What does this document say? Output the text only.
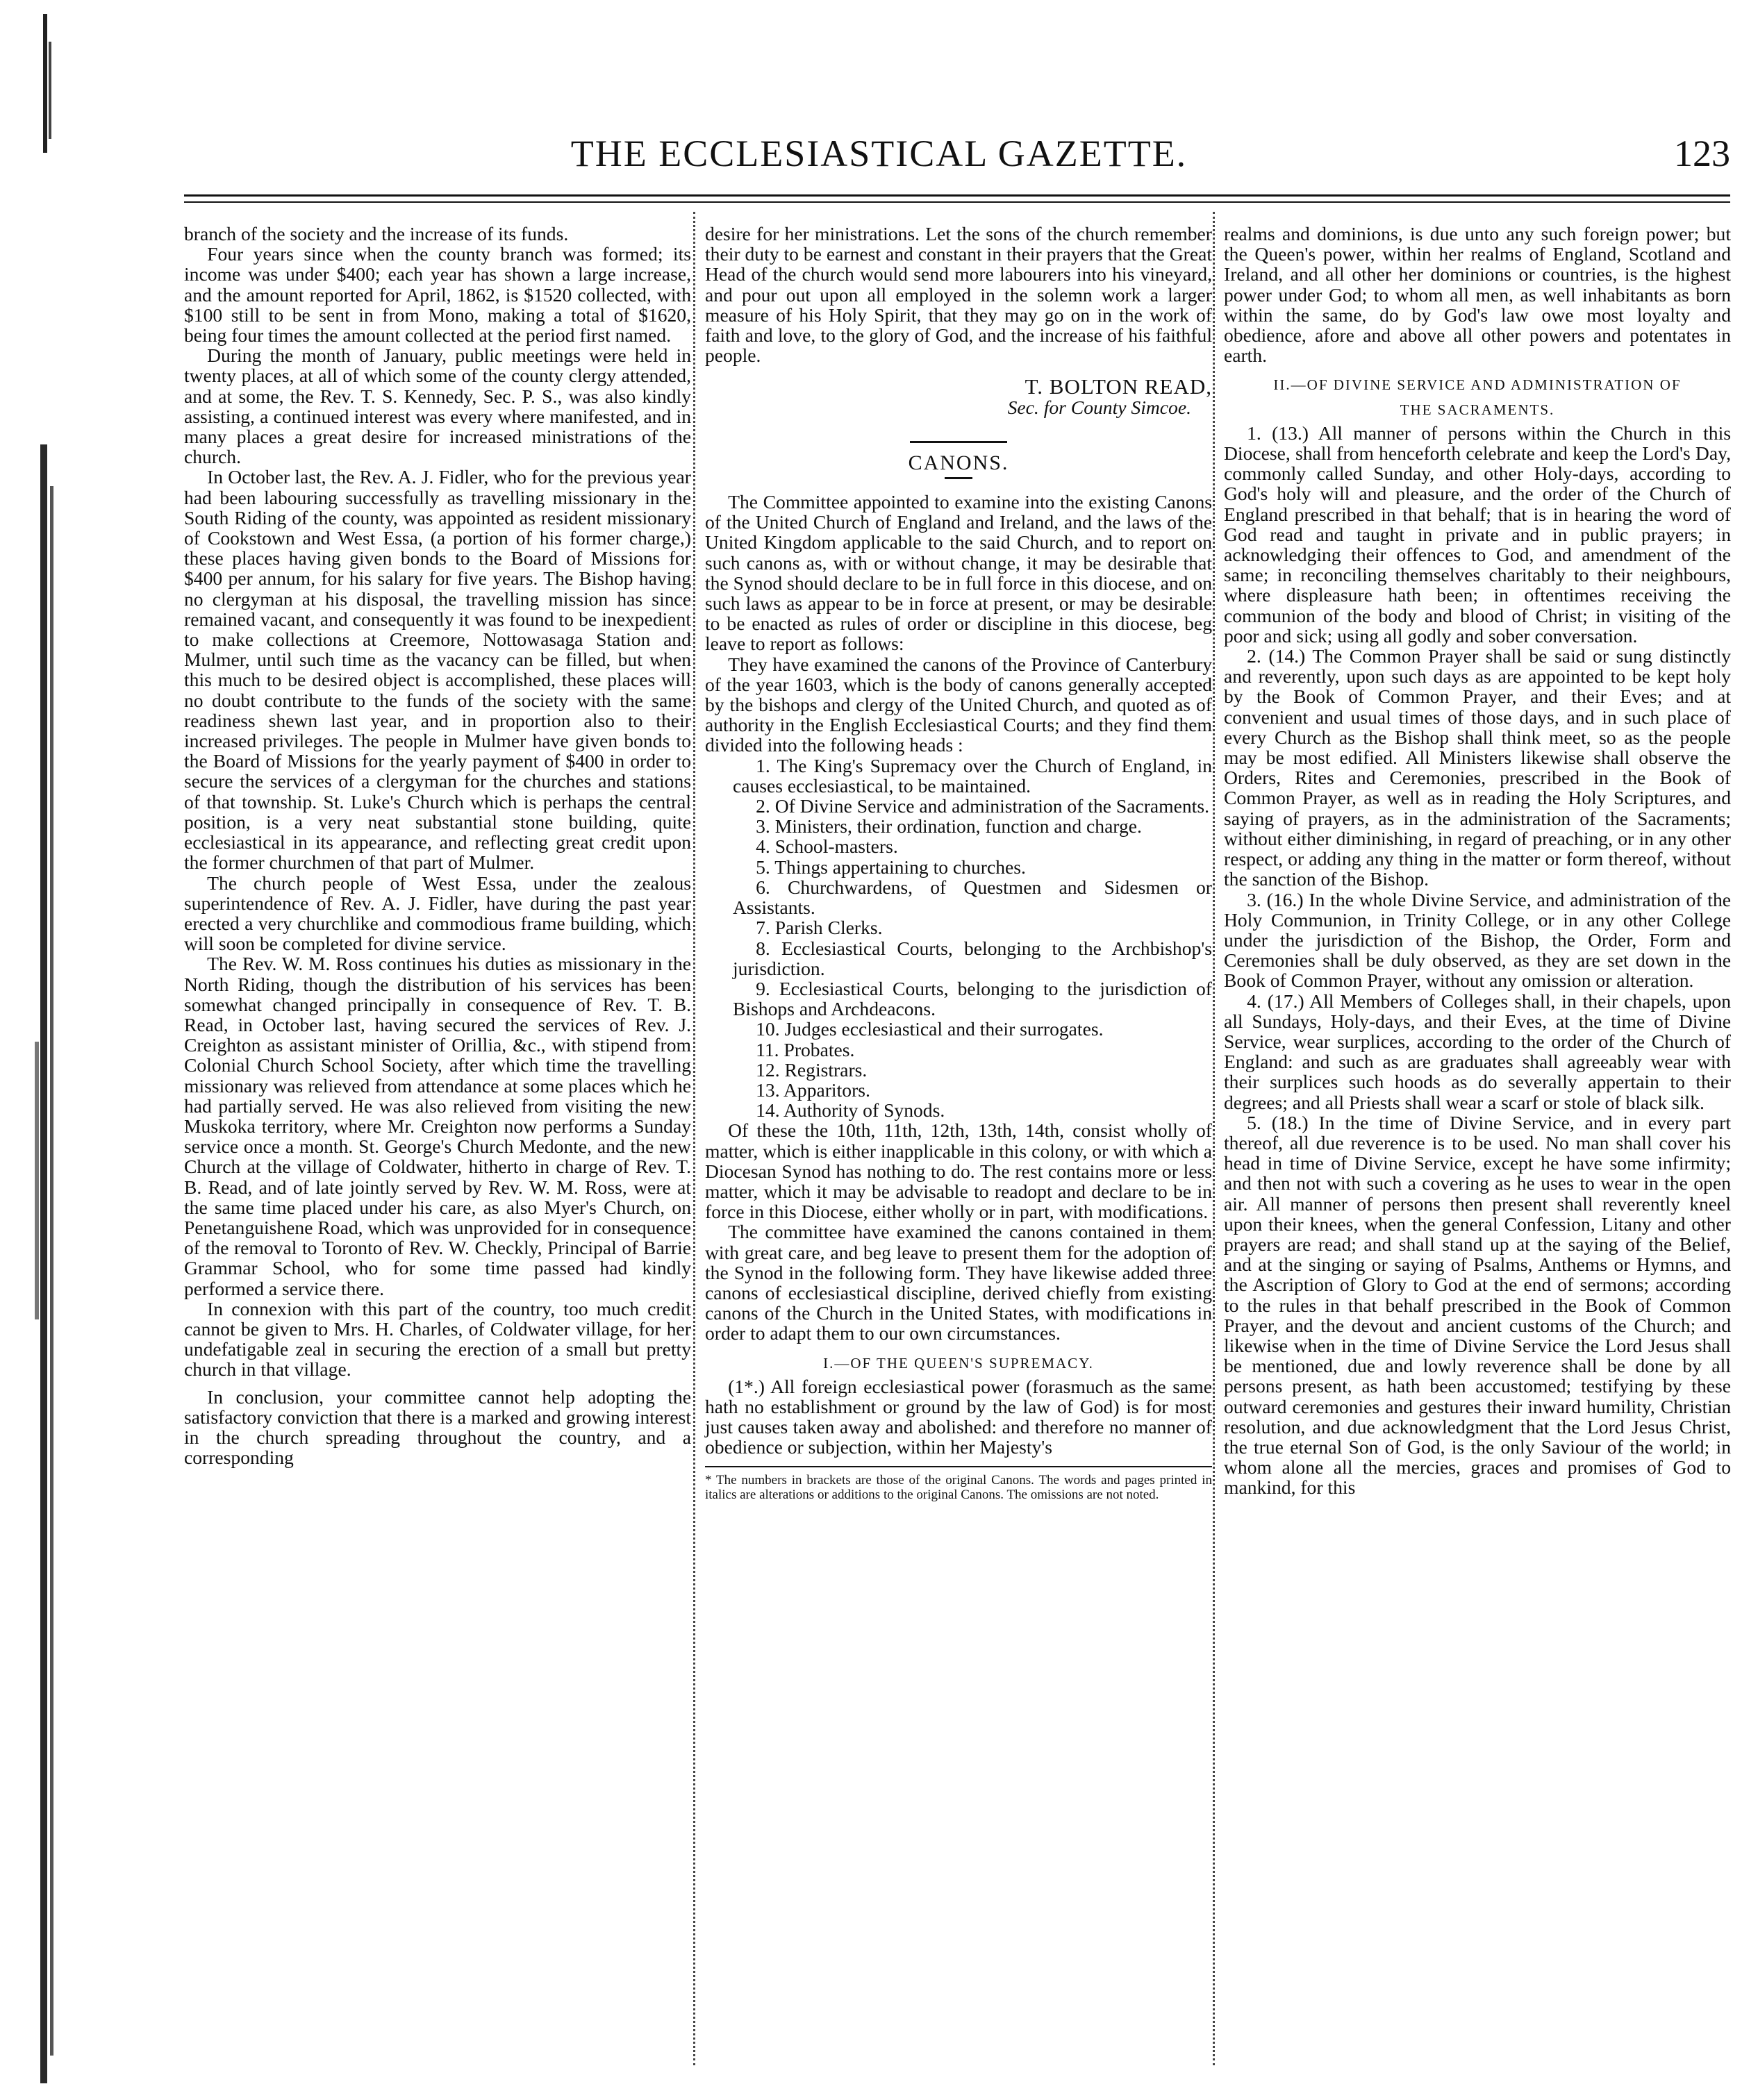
THE ECCLESIASTICAL GAZETTE.	123

branch of the society and the increase of its funds.

Four years since when the county branch was formed; its income was under $400; each year has shown a large increase, and the amount reported for April, 1862, is $1520 collected, with $100 still to be sent in from Mono, making a total of $1620, being four times the amount collected at the period first named.

During the month of January, public meetings were held in twenty places, at all of which some of the county clergy attended, and at some, the Rev. T. S. Kennedy, Sec. P. S., was also kindly assisting, a continued interest was every where manifested, and in many places a great desire for increased ministrations of the church.

In October last, the Rev. A. J. Fidler, who for the previous year had been labouring successfully as travelling missionary in the South Riding of the county, was appointed as resident missionary of Cookstown and West Essa, (a portion of his former charge,) these places having given bonds to the Board of Missions for $400 per annum, for his salary for five years. The Bishop having no clergyman at his disposal, the travelling mission has since remained vacant, and consequently it was found to be inexpedient to make collections at Creemore, Nottowasaga Station and Mulmer, until such time as the vacancy can be filled, but when this much to be desired object is accomplished, these places will no doubt contribute to the funds of the society with the same readiness shewn last year, and in proportion also to their increased privileges. The people in Mulmer have given bonds to the Board of Missions for the yearly payment of $400 in order to secure the services of a clergyman for the churches and stations of that township. St. Luke's Church which is perhaps the central position, is a very neat substantial stone building, quite ecclesiastical in its appearance, and reflecting great credit upon the former churchmen of that part of Mulmer.

The church people of West Essa, under the zealous superintendence of Rev. A. J. Fidler, have during the past year erected a very churchlike and commodious frame building, which will soon be completed for divine service.

The Rev. W. M. Ross continues his duties as missionary in the North Riding, though the distribution of his services has been somewhat changed principally in consequence of Rev. T. B. Read, in October last, having secured the services of Rev. J. Creighton as assistant minister of Orillia, &c., with stipend from Colonial Church School Society, after which time the travelling missionary was relieved from attendance at some places which he had partially served. He was also relieved from visiting the new Muskoka territory, where Mr. Creighton now performs a Sunday service once a month. St. George's Church Medonte, and the new Church at the village of Coldwater, hitherto in charge of Rev. T. B. Read, and of late jointly served by Rev. W. M. Ross, were at the same time placed under his care, as also Myer's Church, on Penetanguishene Road, which was unprovided for in consequence of the removal to Toronto of Rev. W. Checkly, Principal of Barrie Grammar School, who for some time passed had kindly performed a service there.

In connexion with this part of the country, too much credit cannot be given to Mrs. H. Charles, of Coldwater village, for her undefatigable zeal in securing the erection of a small but pretty church in that village.

In conclusion, your committee cannot help adopting the satisfactory conviction that there is a marked and growing interest in the church spreading throughout the country, and a corresponding

desire for her ministrations. Let the sons of the church remember their duty to be earnest and constant in their prayers that the Great Head of the church would send more labourers into his vineyard, and pour out upon all employed in the solemn work a larger measure of his Holy Spirit, that they may go on in the work of faith and love, to the glory of God, and the increase of his faithful people.

T. BOLTON READ,
Sec. for County Simcoe.
CANONS.

The Committee appointed to examine into the existing Canons of the United Church of England and Ireland, and the laws of the United Kingdom applicable to the said Church, and to report on such canons as, with or without change, it may be desirable that the Synod should declare to be in full force in this diocese, and on such laws as appear to be in force at present, or may be desirable to be enacted as rules of order or discipline in this diocese, beg leave to report as follows:

They have examined the canons of the Province of Canterbury of the year 1603, which is the body of canons generally accepted by the bishops and clergy of the United Church, and quoted as of authority in the English Ecclesiastical Courts; and they find them divided into the following heads :

1. The King's Supremacy over the Church of England, in causes ecclesiastical, to be maintained.

2. Of Divine Service and administration of the Sacraments.

3. Ministers, their ordination, function and charge.

4. School-masters.

5. Things appertaining to churches.

6. Churchwardens, of Questmen and Sidesmen or Assistants.

7. Parish Clerks.

8. Ecclesiastical Courts, belonging to the Archbishop's jurisdiction.

9. Ecclesiastical Courts, belonging to the jurisdiction of Bishops and Archdeacons.

10. Judges ecclesiastical and their surrogates.

11. Probates.

12. Registrars.

13. Apparitors.

14. Authority of Synods.

Of these the 10th, 11th, 12th, 13th, 14th, consist wholly of matter, which is either inapplicable in this colony, or with which a Diocesan Synod has nothing to do. The rest contains more or less matter, which it may be advisable to readopt and declare to be in force in this Diocese, either wholly or in part, with modifications.

The committee have examined the canons contained in them with great care, and beg leave to present them for the adoption of the Synod in the following form. They have likewise added three canons of ecclesiastical discipline, derived chiefly from existing canons of the Church in the United States, with modifications in order to adapt them to our own circumstances.

I.—OF THE QUEEN'S SUPREMACY.

(1*.) All foreign ecclesiastical power (forasmuch as the same hath no establishment or ground by the law of God) is for most just causes taken away and abolished: and therefore no manner of obedience or subjection, within her Majesty's

* The numbers in brackets are those of the original Canons. The words and pages printed in italics are alterations or additions to the original Canons. The omissions are not noted.

realms and dominions, is due unto any such foreign power; but the Queen's power, within her realms of England, Scotland and Ireland, and all other her dominions or countries, is the highest power under God; to whom all men, as well inhabitants as born within the same, do by God's law owe most loyalty and obedience, afore and above all other powers and potentates in earth.

II.—OF DIVINE SERVICE AND ADMINISTRATION OF
THE SACRAMENTS.

1. (13.) All manner of persons within the Church in this Diocese, shall from henceforth celebrate and keep the Lord's Day, commonly called Sunday, and other Holy-days, according to God's holy will and pleasure, and the order of the Church of England prescribed in that behalf; that is in hearing the word of God read and taught in private and in public prayers; in acknowledging their offences to God, and amendment of the same; in reconciling themselves charitably to their neighbours, where displeasure hath been; in oftentimes receiving the communion of the body and blood of Christ; in visiting of the poor and sick; using all godly and sober conversation.

2. (14.) The Common Prayer shall be said or sung distinctly and reverently, upon such days as are appointed to be kept holy by the Book of Common Prayer, and their Eves; and at convenient and usual times of those days, and in such place of every Church as the Bishop shall think meet, so as the people may be most edified. All Ministers likewise shall observe the Orders, Rites and Ceremonies, prescribed in the Book of Common Prayer, as well as in reading the Holy Scriptures, and saying of prayers, as in the administration of the Sacraments; without either diminishing, in regard of preaching, or in any other respect, or adding any thing in the matter or form thereof, without the sanction of the Bishop.

3. (16.) In the whole Divine Service, and administration of the Holy Communion, in Trinity College, or in any other College under the jurisdiction of the Bishop, the Order, Form and Ceremonies shall be duly observed, as they are set down in the Book of Common Prayer, without any omission or alteration.

4. (17.) All Members of Colleges shall, in their chapels, upon all Sundays, Holy-days, and their Eves, at the time of Divine Service, wear surplices, according to the order of the Church of England: and such as are graduates shall agreeably wear with their surplices such hoods as do severally appertain to their degrees; and all Priests shall wear a scarf or stole of black silk.

5. (18.) In the time of Divine Service, and in every part thereof, all due reverence is to be used. No man shall cover his head in time of Divine Service, except he have some infirmity; and then not with such a covering as he uses to wear in the open air. All manner of persons then present shall reverently kneel upon their knees, when the general Confession, Litany and other prayers are read; and shall stand up at the saying of the Belief, and at the singing or saying of Psalms, Anthems or Hymns, and the Ascription of Glory to God at the end of sermons; according to the rules in that behalf prescribed in the Book of Common Prayer, and the devout and ancient customs of the Church; and likewise when in the time of Divine Service the Lord Jesus shall be mentioned, due and lowly reverence shall be done by all persons present, as hath been accustomed; testifying by these outward ceremonies and gestures their inward humility, Christian resolution, and due acknowledgment that the Lord Jesus Christ, the true eternal Son of God, is the only Saviour of the world; in whom alone all the mercies, graces and promises of God to mankind, for this
